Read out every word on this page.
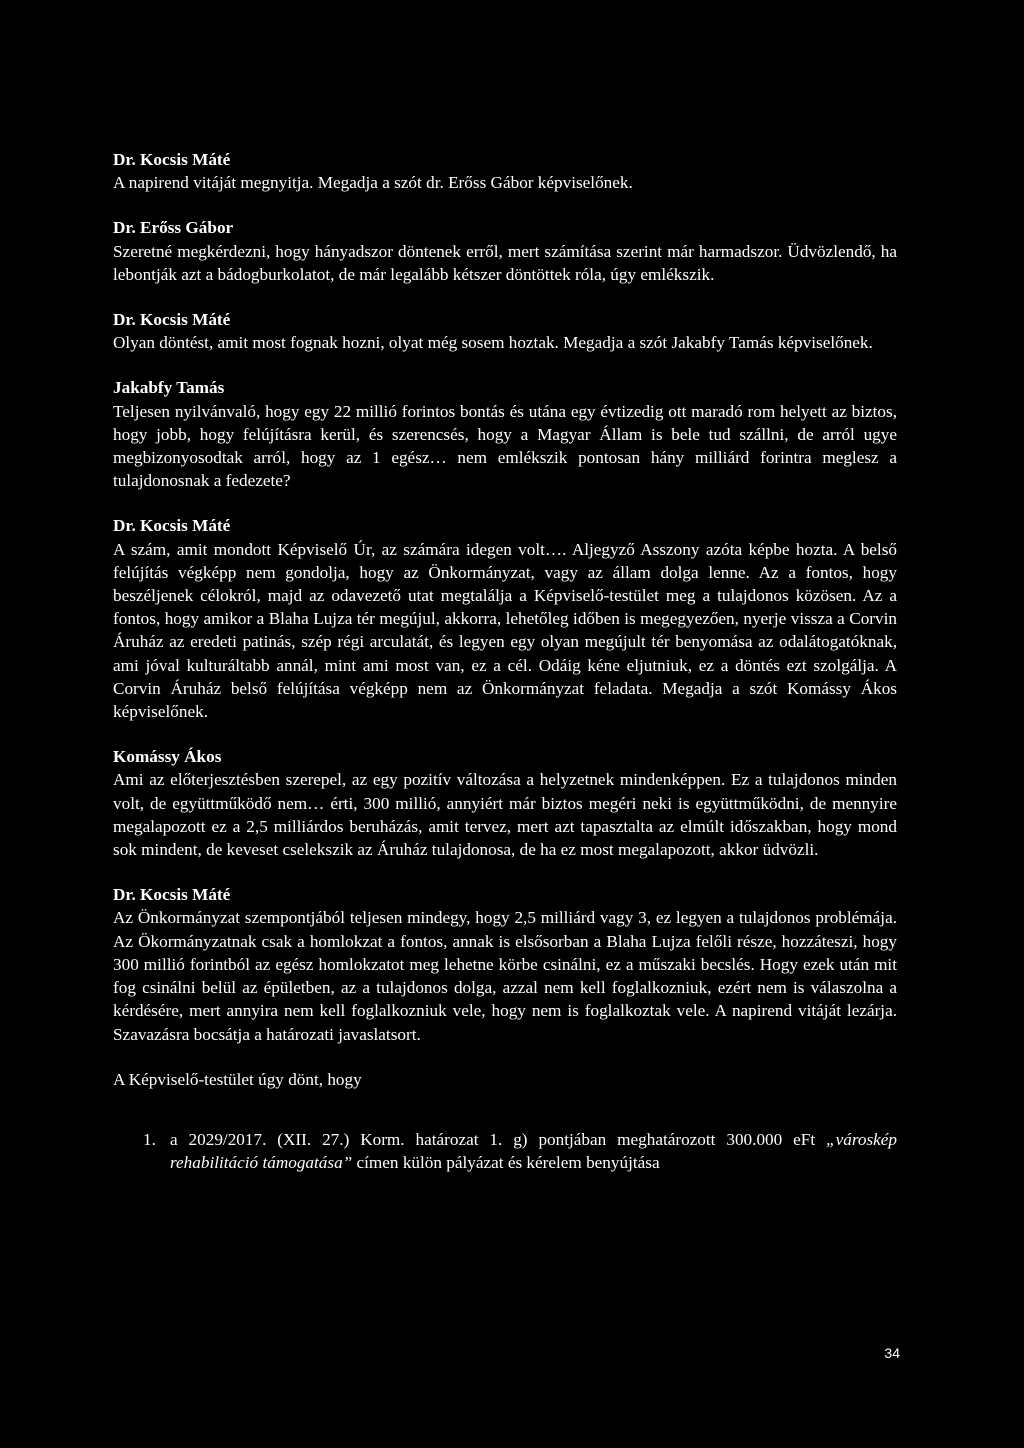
Dr. Kocsis Máté
A napirend vitáját megnyitja. Megadja a szót dr. Erőss Gábor képviselőnek.
Dr. Erőss Gábor
Szeretné megkérdezni, hogy hányadszor döntenek erről, mert számítása szerint már harmadszor. Üdvözlendő, ha lebontják azt a bádogburkolatot, de már legalább kétszer döntöttek róla, úgy emlékszik.
Dr. Kocsis Máté
Olyan döntést, amit most fognak hozni, olyat még sosem hoztak. Megadja a szót Jakabfy Tamás képviselőnek.
Jakabfy Tamás
Teljesen nyilvánvaló, hogy egy 22 millió forintos bontás és utána egy évtizedig ott maradó rom helyett az biztos, hogy jobb, hogy felújításra kerül, és szerencsés, hogy a Magyar Állam is bele tud szállni, de arról ugye megbizonyosodtak arról, hogy az 1 egész… nem emlékszik pontosan hány milliárd forintra meglesz a tulajdonosnak a fedezete?
Dr. Kocsis Máté
A szám, amit mondott Képviselő Úr, az számára idegen volt…. Aljegyző Asszony azóta képbe hozta. A belső felújítás végképp nem gondolja, hogy az Önkormányzat, vagy az állam dolga lenne. Az a fontos, hogy beszéljenek célokról, majd az odavezető utat megtalálja a Képviselő-testület meg a tulajdonos közösen. Az a fontos, hogy amikor a Blaha Lujza tér megújul, akkorra, lehetőleg időben is megegyezően, nyerje vissza a Corvin Áruház az eredeti patinás, szép régi arculatát, és legyen egy olyan megújult tér benyomása az odalátogatóknak, ami jóval kulturáltabb annál, mint ami most van, ez a cél. Odáig kéne eljutniuk, ez a döntés ezt szolgálja. A Corvin Áruház belső felújítása végképp nem az Önkormányzat feladata. Megadja a szót Komássy Ákos képviselőnek.
Komássy Ákos
Ami az előterjesztésben szerepel, az egy pozitív változása a helyzetnek mindenképpen. Ez a tulajdonos minden volt, de együttműködő nem… érti, 300 millió, annyiért már biztos megéri neki is együttműködni, de mennyire megalapozott ez a 2,5 milliárdos beruházás, amit tervez, mert azt tapasztalta az elmúlt időszakban, hogy mond sok mindent, de keveset cselekszik az Áruház tulajdonosa, de ha ez most megalapozott, akkor üdvözli.
Dr. Kocsis Máté
Az Önkormányzat szempontjából teljesen mindegy, hogy 2,5 milliárd vagy 3, ez legyen a tulajdonos problémája. Az Ökormányzatnak csak a homlokzat a fontos, annak is elsősorban a Blaha Lujza felőli része, hozzáteszi, hogy 300 millió forintból az egész homlokzatot meg lehetne körbe csinálni, ez a műszaki becslés. Hogy ezek után mit fog csinálni belül az épületben, az a tulajdonos dolga, azzal nem kell foglalkozniuk, ezért nem is válaszolna a kérdésére, mert annyira nem kell foglalkozniuk vele, hogy nem is foglalkoztak vele. A napirend vitáját lezárja. Szavazásra bocsátja a határozati javaslatsort.
A Képviselő-testület úgy dönt, hogy
1. a 2029/2017. (XII. 27.) Korm. határozat 1. g) pontjában meghatározott 300.000 eFt „városkép rehabilitáció támogatása” címen külön pályázat és kérelem benyújtása
34
